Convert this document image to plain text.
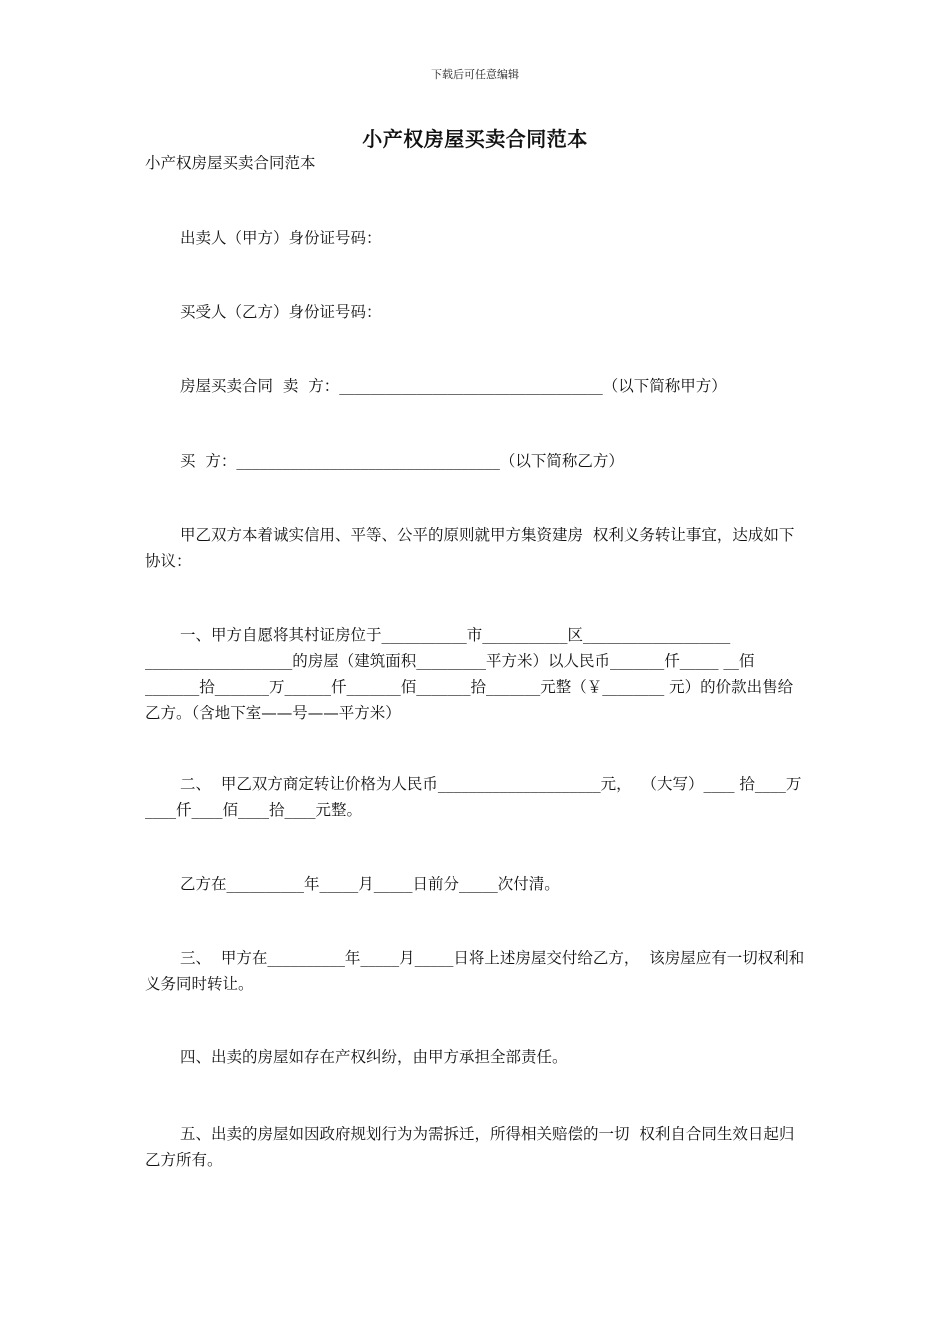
下载后可任意编辑
小产权房屋买卖合同范本

小产权房屋买卖合同范本

出卖人（甲方）身份证号码：

买受人（乙方）身份证号码：

房屋买卖合同  卖  方：__________________________________（以下简称甲方）

买  方：__________________________________（以下简称乙方）

甲乙双方本着诚实信用、平等、公平的原则就甲方集资建房  权利义务转让事宜，达成如下协议：

一、甲方自愿将其村证房位于___________市___________区___________________ ___________________的房屋（建筑面积_________平方米）以人民币_______仟_____ __佰_______拾_______万______仟_______佰_______拾_______元整（￥________ 元）的价款出售给乙方。（含地下室——号——平方米）

二、  甲乙双方商定转让价格为人民币_____________________元，  （大写）____ 拾____万____仟____佰____拾____元整。

乙方在__________年_____月_____日前分_____次付清。

三、  甲方在__________年_____月_____日将上述房屋交付给乙方，  该房屋应有一切权利和义务同时转让。

四、出卖的房屋如存在产权纠纷，由甲方承担全部责任。

五、出卖的房屋如因政府规划行为为需拆迁，所得相关赔偿的一切  权利自合同生效日起归乙方所有。
